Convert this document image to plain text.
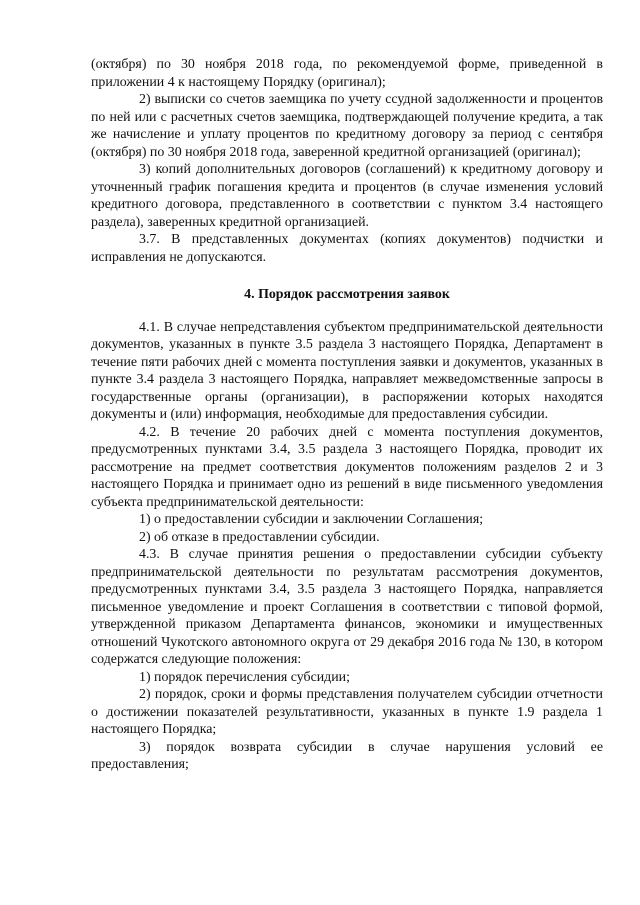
(октября) по 30 ноября 2018 года, по рекомендуемой форме, приведенной в приложении 4 к настоящему Порядку (оригинал);

2) выписки со счетов заемщика по учету ссудной задолженности и процентов по ней или с расчетных счетов заемщика, подтверждающей получение кредита, а так же начисление и уплату процентов по кредитному договору за период с сентября (октября) по 30 ноября 2018 года, заверенной кредитной организацией (оригинал);

3) копий дополнительных договоров (соглашений) к кредитному договору и уточненный график погашения кредита и процентов (в случае изменения условий кредитного договора, представленного в соответствии с пунктом 3.4 настоящего раздела), заверенных кредитной организацией.

3.7. В представленных документах (копиях документов) подчистки и исправления не допускаются.

4. Порядок рассмотрения заявок

4.1. В случае непредставления субъектом предпринимательской деятельности документов, указанных в пункте 3.5 раздела 3 настоящего Порядка, Департамент в течение пяти рабочих дней с момента поступления заявки и документов, указанных в пункте 3.4 раздела 3 настоящего Порядка, направляет межведомственные запросы в государственные органы (организации), в распоряжении которых находятся документы и (или) информация, необходимые для предоставления субсидии.

4.2. В течение 20 рабочих дней с момента поступления документов, предусмотренных пунктами 3.4, 3.5 раздела 3 настоящего Порядка, проводит их рассмотрение на предмет соответствия документов положениям разделов 2 и 3 настоящего Порядка и принимает одно из решений в виде письменного уведомления субъекта предпринимательской деятельности:

1) о предоставлении субсидии и заключении Соглашения;

2) об отказе в предоставлении субсидии.

4.3. В случае принятия решения о предоставлении субсидии субъекту предпринимательской деятельности по результатам рассмотрения документов, предусмотренных пунктами 3.4, 3.5 раздела 3 настоящего Порядка, направляется письменное уведомление и проект Соглашения в соответствии с типовой формой, утвержденной приказом Департамента финансов, экономики и имущественных отношений Чукотского автономного округа от 29 декабря 2016 года № 130, в котором содержатся следующие положения:

1) порядок перечисления субсидии;

2) порядок, сроки и формы представления получателем субсидии отчетности о достижении показателей результативности, указанных в пункте 1.9 раздела 1 настоящего Порядка;

3) порядок возврата субсидии в случае нарушения условий ее предоставления;
